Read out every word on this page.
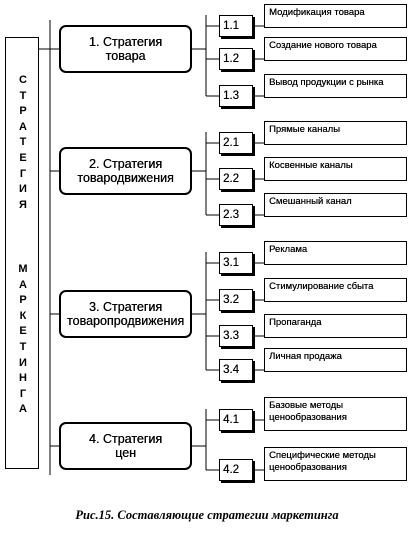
С
Т
Р
А
Т
Е
Г
И
Я
М
А
Р
К
Е
Т
И
Н
Г
А
1. Стратегия
товара
2. Стратегия
товародвижения
3. Стратегия
товаропродвижения
4. Стратегия
цен
1.1
Модификация товара
1.2
Создание нового товара
1.3
Вывод продукции с рынка
2.1
Прямые каналы
2.2
Косвенные каналы
2.3
Смешанный канал
3.1
Реклама
3.2
Стимулирование сбыта
3.3
Пропаганда
3.4
Личная продажа
4.1
Базовые методы
ценообразования
4.2
Специфические методы
ценообразования
Рис.15. Составляющие стратегии маркетинга
